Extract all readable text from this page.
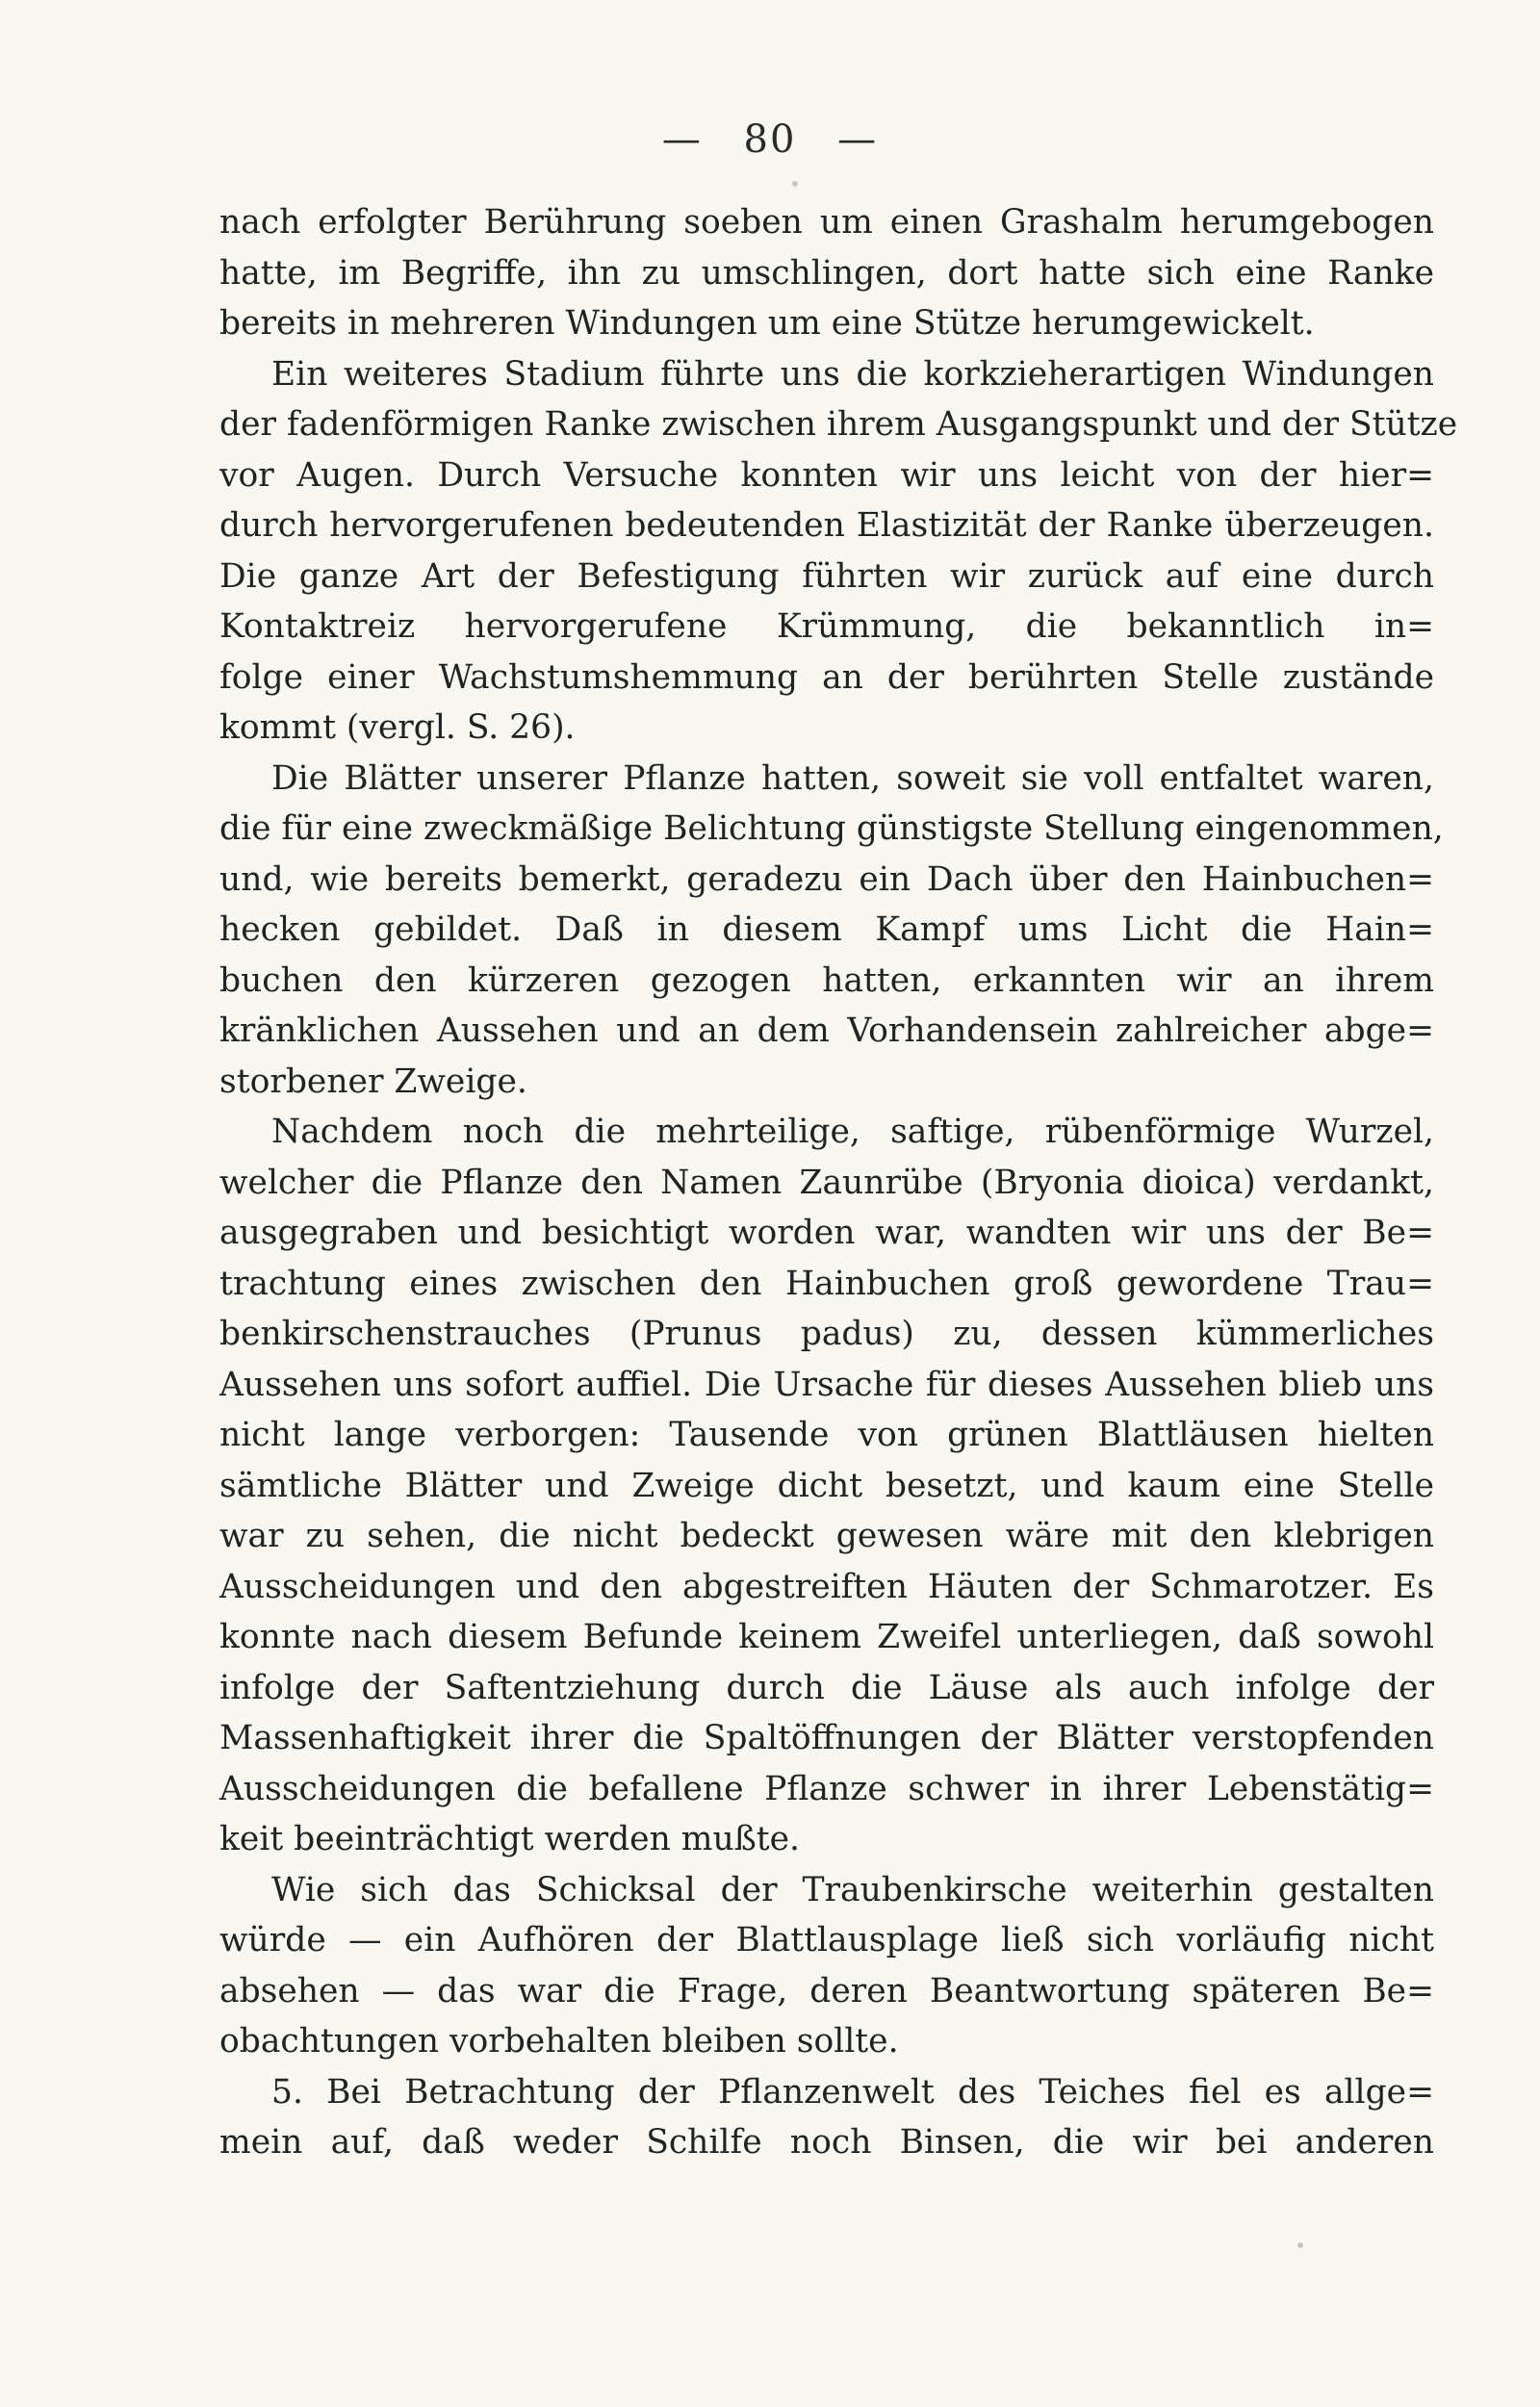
— 80 —
nach erfolgter Berührung soeben um einen Grashalm herumgebogen
hatte, im Begriffe, ihn zu umschlingen, dort hatte sich eine Ranke
bereits in mehreren Windungen um eine Stütze herumgewickelt.
Ein weiteres Stadium führte uns die korkzieherartigen Windungen
der fadenförmigen Ranke zwischen ihrem Ausgangspunkt und der Stütze
vor Augen. Durch Versuche konnten wir uns leicht von der hier=
durch hervorgerufenen bedeutenden Elastizität der Ranke überzeugen.
Die ganze Art der Befestigung führten wir zurück auf eine durch
Kontaktreiz hervorgerufene Krümmung, die bekanntlich in=
folge einer Wachstumshemmung an der berührten Stelle zustände
kommt (vergl. S. 26).
Die Blätter unserer Pflanze hatten, soweit sie voll entfaltet waren,
die für eine zweckmäßige Belichtung günstigste Stellung eingenommen,
und, wie bereits bemerkt, geradezu ein Dach über den Hainbuchen=
hecken gebildet. Daß in diesem Kampf ums Licht die Hain=
buchen den kürzeren gezogen hatten, erkannten wir an ihrem
kränklichen Aussehen und an dem Vorhandensein zahlreicher abge=
storbener Zweige.
Nachdem noch die mehrteilige, saftige, rübenförmige Wurzel,
welcher die Pflanze den Namen Zaunrübe (Bryonia dioica) verdankt,
ausgegraben und besichtigt worden war, wandten wir uns der Be=
trachtung eines zwischen den Hainbuchen groß gewordene Trau=
benkirschenstrauches (Prunus padus) zu, dessen kümmerliches
Aussehen uns sofort auffiel. Die Ursache für dieses Aussehen blieb uns
nicht lange verborgen: Tausende von grünen Blattläusen hielten
sämtliche Blätter und Zweige dicht besetzt, und kaum eine Stelle
war zu sehen, die nicht bedeckt gewesen wäre mit den klebrigen
Ausscheidungen und den abgestreiften Häuten der Schmarotzer. Es
konnte nach diesem Befunde keinem Zweifel unterliegen, daß sowohl
infolge der Saftentziehung durch die Läuse als auch infolge der
Massenhaftigkeit ihrer die Spaltöffnungen der Blätter verstopfenden
Ausscheidungen die befallene Pflanze schwer in ihrer Lebenstätig=
keit beeinträchtigt werden mußte.
Wie sich das Schicksal der Traubenkirsche weiterhin gestalten
würde — ein Aufhören der Blattlausplage ließ sich vorläufig nicht
absehen — das war die Frage, deren Beantwortung späteren Be=
obachtungen vorbehalten bleiben sollte.
5. Bei Betrachtung der Pflanzenwelt des Teiches fiel es allge=
mein auf, daß weder Schilfe noch Binsen, die wir bei anderen
